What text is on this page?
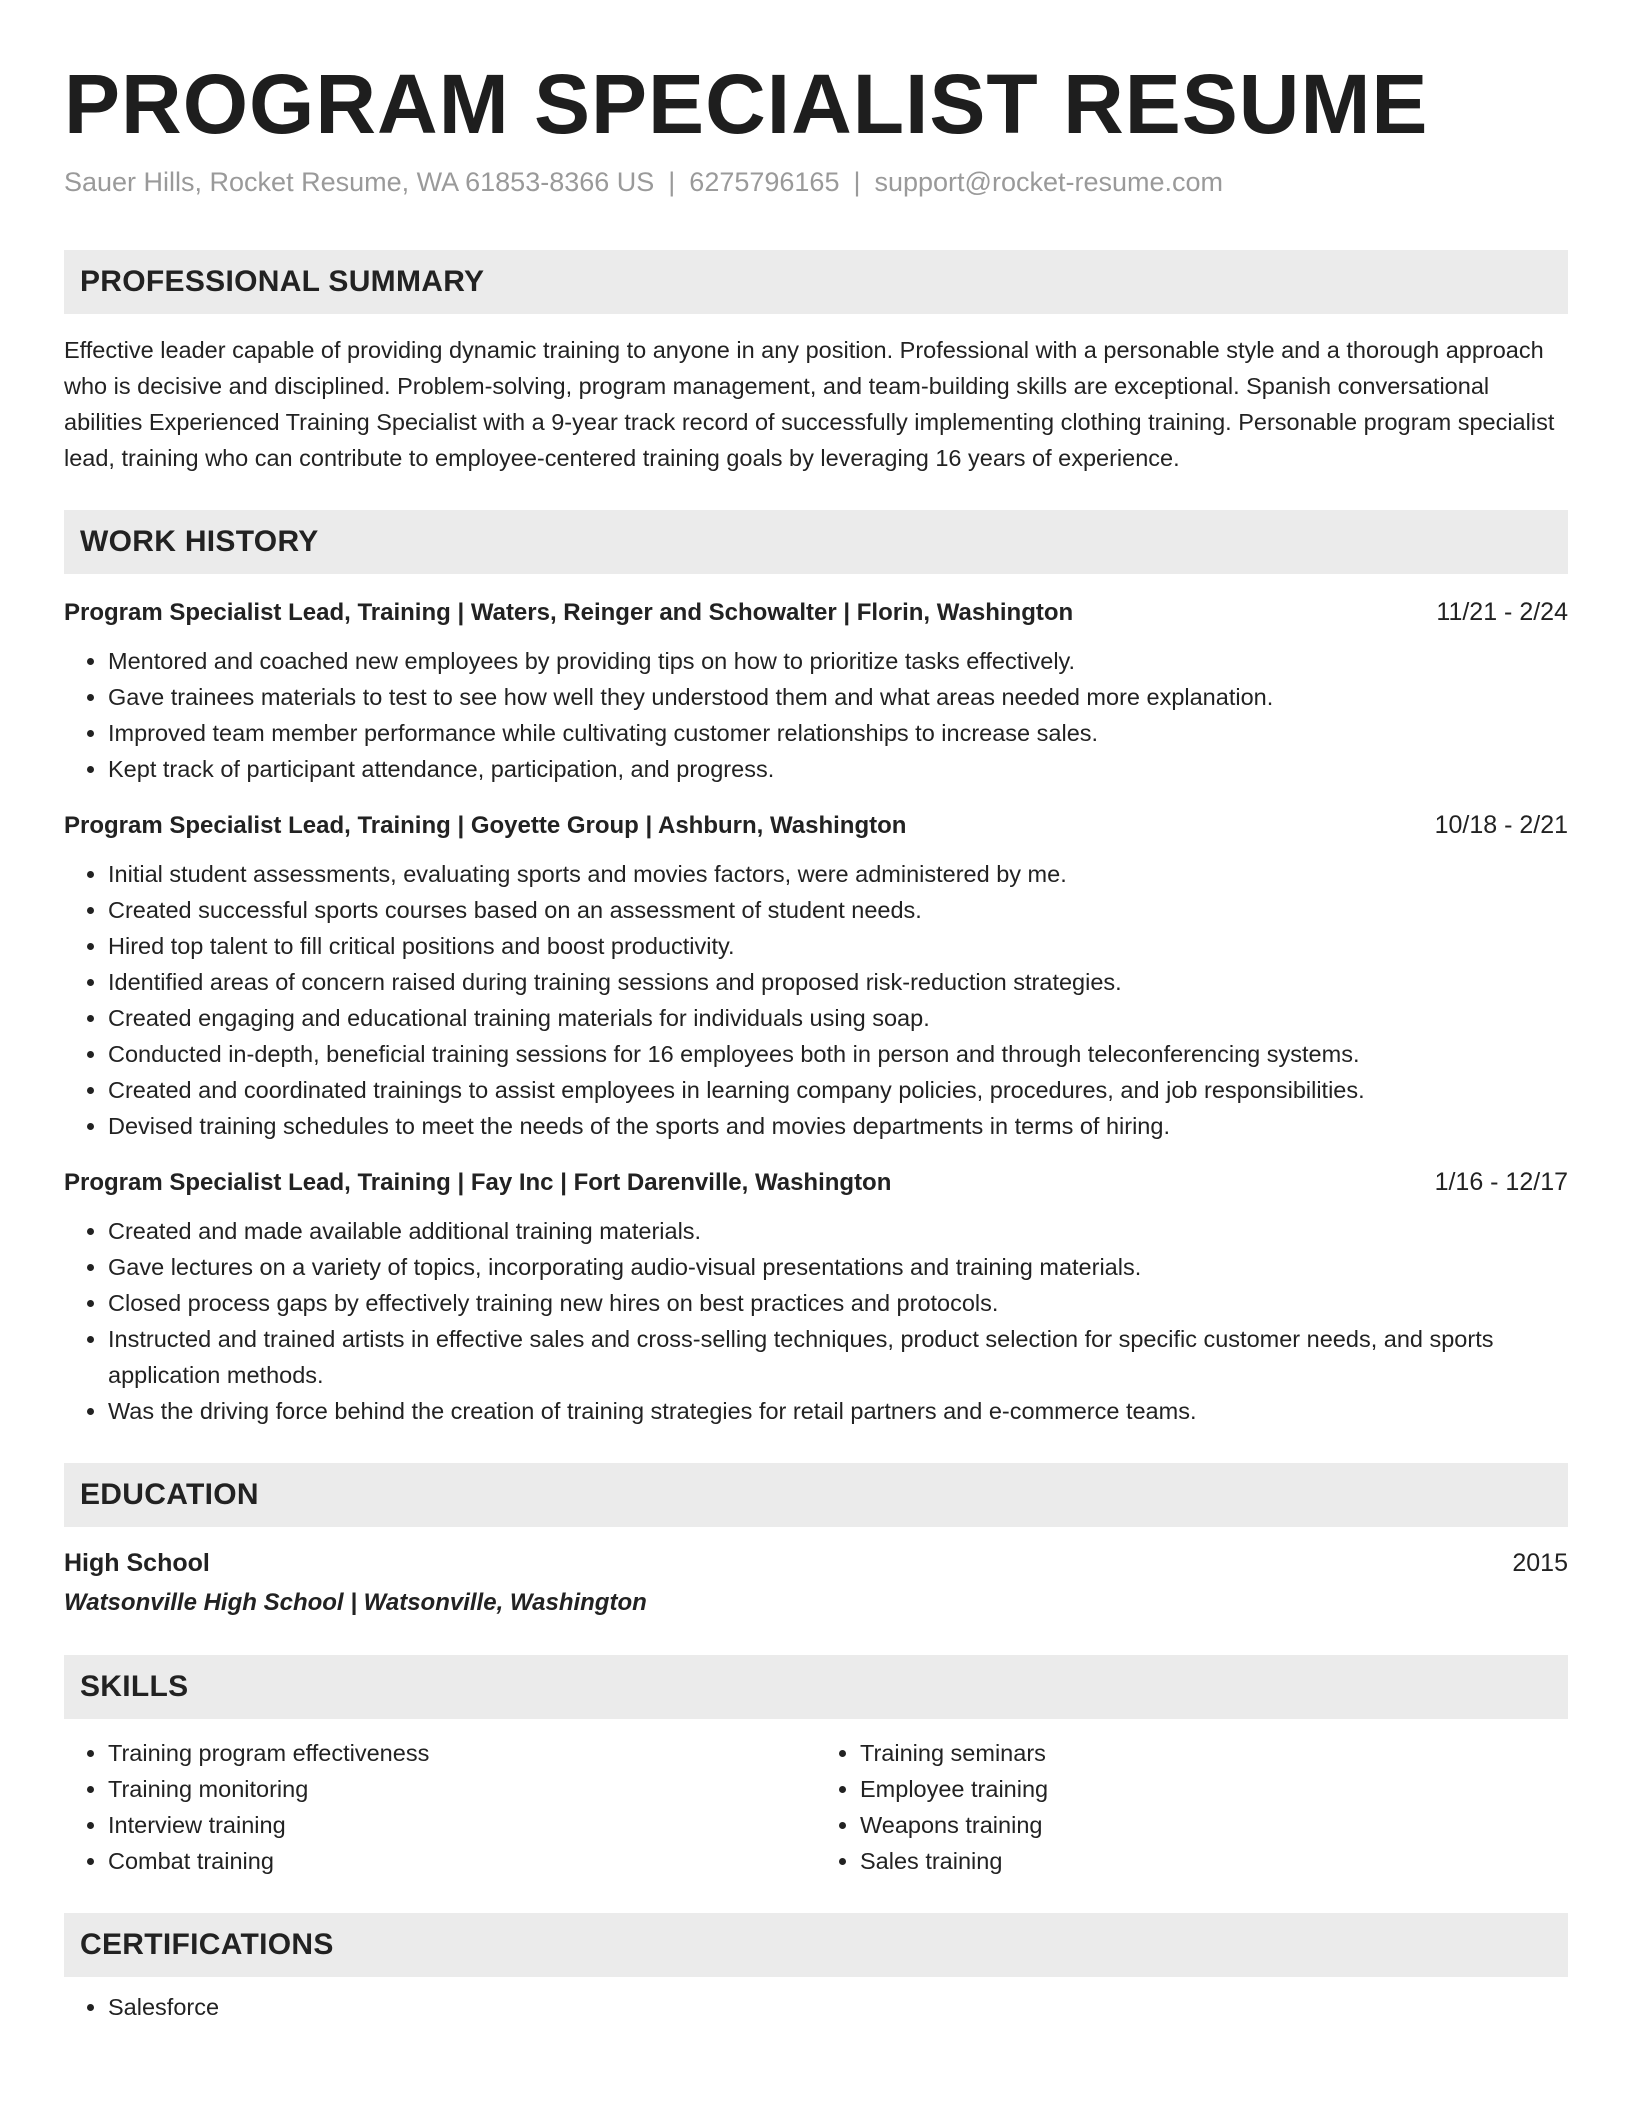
PROGRAM SPECIALIST RESUME
Sauer Hills, Rocket Resume, WA 61853-8366 US | 6275796165 | support@rocket-resume.com
PROFESSIONAL SUMMARY
Effective leader capable of providing dynamic training to anyone in any position. Professional with a personable style and a thorough approach who is decisive and disciplined. Problem-solving, program management, and team-building skills are exceptional. Spanish conversational abilities Experienced Training Specialist with a 9-year track record of successfully implementing clothing training. Personable program specialist lead, training who can contribute to employee-centered training goals by leveraging 16 years of experience.
WORK HISTORY
Program Specialist Lead, Training | Waters, Reinger and Schowalter | Florin, Washington	11/21 - 2/24
• Mentored and coached new employees by providing tips on how to prioritize tasks effectively.
• Gave trainees materials to test to see how well they understood them and what areas needed more explanation.
• Improved team member performance while cultivating customer relationships to increase sales.
• Kept track of participant attendance, participation, and progress.
Program Specialist Lead, Training | Goyette Group | Ashburn, Washington	10/18 - 2/21
• Initial student assessments, evaluating sports and movies factors, were administered by me.
• Created successful sports courses based on an assessment of student needs.
• Hired top talent to fill critical positions and boost productivity.
• Identified areas of concern raised during training sessions and proposed risk-reduction strategies.
• Created engaging and educational training materials for individuals using soap.
• Conducted in-depth, beneficial training sessions for 16 employees both in person and through teleconferencing systems.
• Created and coordinated trainings to assist employees in learning company policies, procedures, and job responsibilities.
• Devised training schedules to meet the needs of the sports and movies departments in terms of hiring.
Program Specialist Lead, Training | Fay Inc | Fort Darenville, Washington	1/16 - 12/17
• Created and made available additional training materials.
• Gave lectures on a variety of topics, incorporating audio-visual presentations and training materials.
• Closed process gaps by effectively training new hires on best practices and protocols.
• Instructed and trained artists in effective sales and cross-selling techniques, product selection for specific customer needs, and sports application methods.
• Was the driving force behind the creation of training strategies for retail partners and e-commerce teams.
EDUCATION
High School	2015
Watsonville High School | Watsonville, Washington
SKILLS
• Training program effectiveness
• Training monitoring
• Interview training
• Combat training
• Training seminars
• Employee training
• Weapons training
• Sales training
CERTIFICATIONS
• Salesforce
